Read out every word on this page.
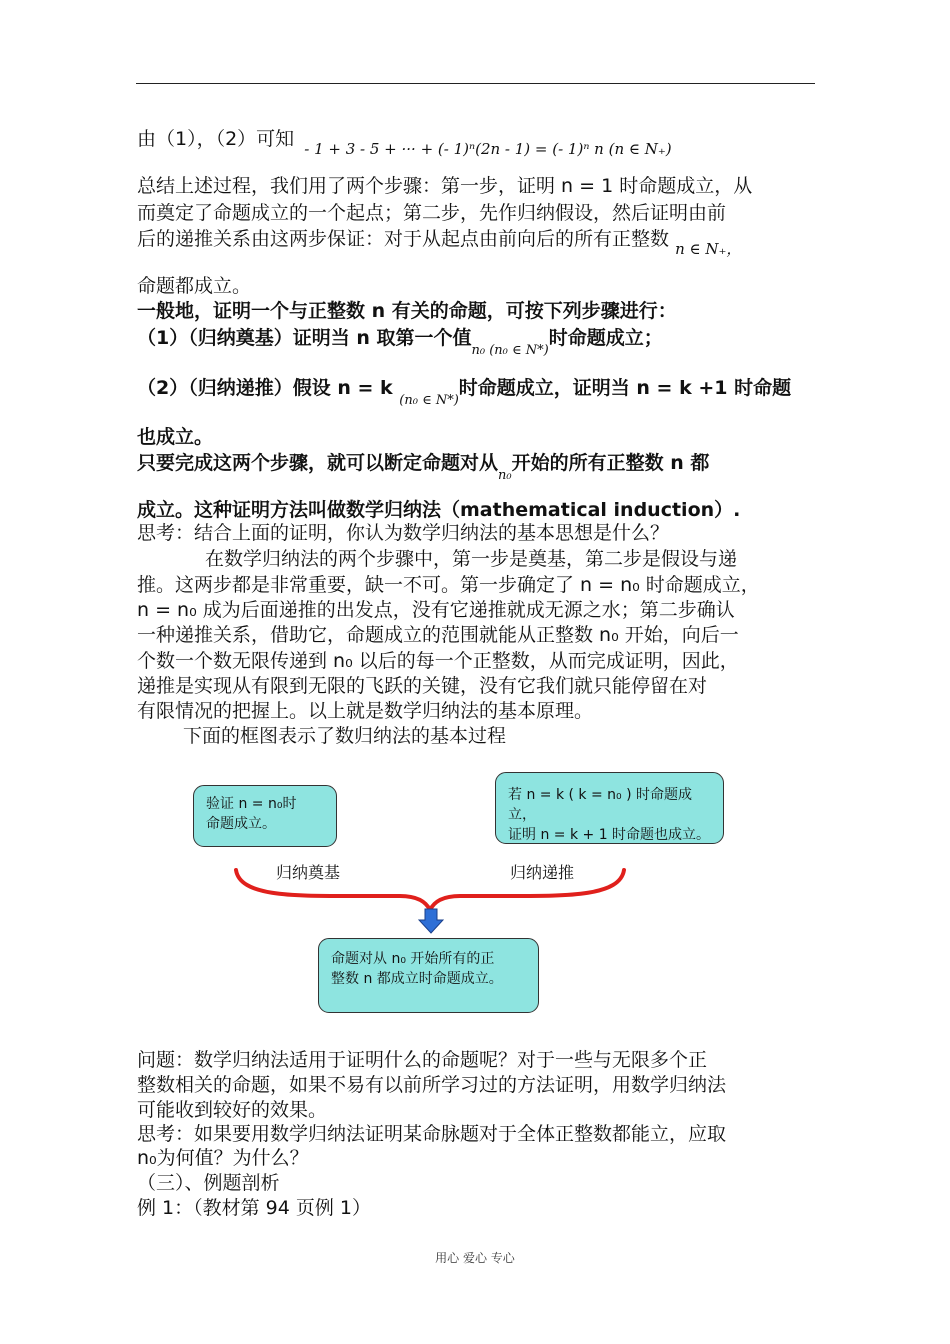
由（1），（2）可知 $_{- 1 + 3 - 5 + \cdot\cdot\cdot + (- 1)^n(2n - 1) = (- 1)^n n (n \in N_+)}$
总结上述过程，我们用了两个步骤：第一步，证明 n = 1 时命题成立，从
而奠定了命题成立的一个起点；第二步，先作归纳假设，然后证明由前
后的递推关系由这两步保证：对于从起点由前向后的所有正整数 $_{n \in N_+,}$
命题都成立。
一般地，证明一个与正整数 n 有关的命题，可按下列步骤进行：
（1）（归纳奠基）证明当 n 取第一个值$_{n_0 (n_0 \in N*)}$时命题成立；
（2）（归纳递推）假设 n = k $_{(n_0 \in N*)}$时命题成立，证明当 n = k +1 时命题
也成立。
只要完成这两个步骤，就可以断定命题对从$_{n_0}$开始的所有正整数 n 都
成立。这种证明方法叫做数学归纳法（mathematical induction）.
思考：结合上面的证明，你认为数学归纳法的基本思想是什么？
在数学归纳法的两个步骤中，第一步是奠基，第二步是假设与递
推。这两步都是非常重要，缺一不可。第一步确定了 n = n₀ 时命题成立，
n = n₀ 成为后面递推的出发点，没有它递推就成无源之水；第二步确认
一种递推关系，借助它，命题成立的范围就能从正整数 n₀ 开始，向后一
个数一个数无限传递到 n₀ 以后的每一个正整数，从而完成证明，因此，
递推是实现从有限到无限的飞跃的关键，没有它我们就只能停留在对
有限情况的把握上。以上就是数学归纳法的基本原理。
下面的框图表示了数归纳法的基本过程
验证 n = n₀时
命题成立。
若 n = k ( k = n₀ ) 时命题成立，
证明 n = k + 1 时命题也成立。
归纳奠基	归纳递推
命题对从 n₀ 开始所有的正
整数 n 都成立时命题成立。
问题：数学归纳法适用于证明什么的命题呢？对于一些与无限多个正
整数相关的命题，如果不易有以前所学习过的方法证明，用数学归纳法
可能收到较好的效果。
思考：如果要用数学归纳法证明某命脉题对于全体正整数都能立，应取
n₀为何值？为什么？
（三）、例题剖析
例 1：（教材第 94 页例 1）
用心 爱心 专心
